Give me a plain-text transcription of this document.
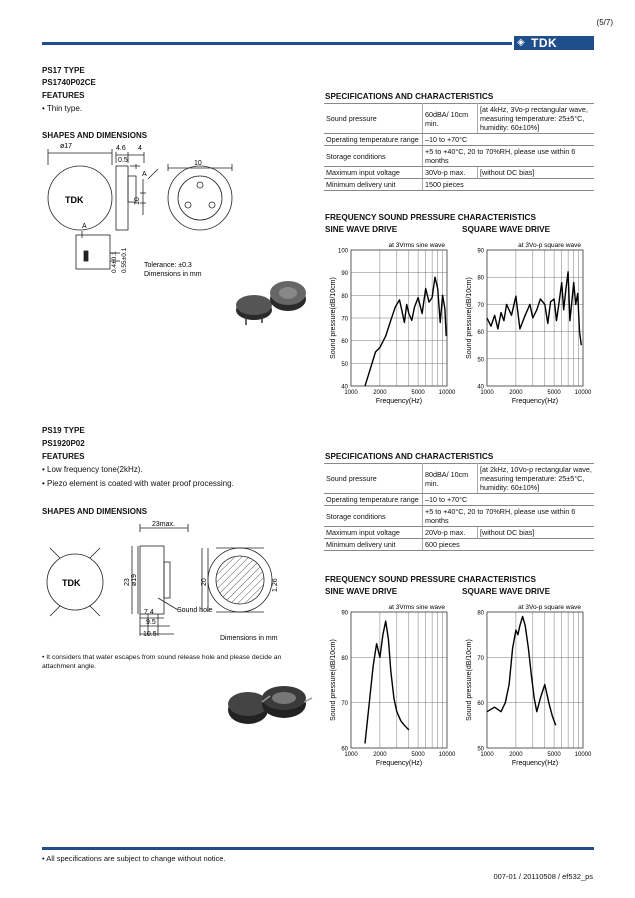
(5/7)
◈ TDK
PS17 TYPE
PS1740P02CE
FEATURES
• Thin type.
SHAPES AND DIMENSIONS
ø17	4.6 4
0.5	10
10
A
A
0.4±0.1 0.55±0.1
TDK
Tolerance: ±0.3
Dimensions in mm
SPECIFICATIONS AND CHARACTERISTICS
Sound pressure	60dBA/ 10cm min.	[at 4kHz, 3Vo-p rectangular wave, measuring temperature: 25±5°C, humidity: 60±10%]
Operating temperature range	–10 to +70°C	
Storage conditions	+5 to +40°C, 20 to 70%RH, please use within 6 months	
Maximum input voltage	30Vo-p max.	[without DC bias]
Minimum delivery unit	1500 pieces	
FREQUENCY SOUND PRESSURE CHARACTERISTICS
SINE WAVE DRIVE	SQUARE WAVE DRIVE
40
50
60
70
80
90
100
1000	2000	5000 10000
at 3Vrms sine wave
Frequency(Hz)
Sound pressure(dB/10cm)
40
50
60
70
80
90
1000	2000	5000 10000
at 3Vo-p square wave
Frequency(Hz)
Sound pressure(dB/10cm)
PS19 TYPE
PS1920P02
FEATURES
• Low frequency tone(2kHz).
• Piezo element is coated with water proof processing.
SHAPES AND DIMENSIONS
23max.
23 ø19	20	1.26
7.4
9.5
10.5
Sound hole
TDK
Dimensions in mm
• It considers that water escapes from sound release hole and please decide an attachment angle.
SPECIFICATIONS AND CHARACTERISTICS
Sound pressure	80dBA/ 10cm min.	[at 2kHz, 10Vo-p rectangular wave, measuring temperature: 25±5°C, humidity: 60±10%]
Operating temperature range	–10 to +70°C	
Storage conditions	+5 to +40°C, 20 to 70%RH, please use within 6 months	
Maximum input voltage	20Vo-p max.	[without DC bias]
Minimum delivery unit	600 pieces	
FREQUENCY SOUND PRESSURE CHARACTERISTICS
SINE WAVE DRIVE	SQUARE WAVE DRIVE
60
70
80
90
1000	2000	5000 10000
at 3Vrms sine wave
Frequency(Hz)
Sound pressure(dB/10cm)
50
60
70
80
1000	2000	5000 10000
at 3Vo-p square wave
Frequency(Hz)
Sound pressure(dB/10cm)
• All specifications are subject to change without notice.
007-01 / 20110508 / ef532_ps
